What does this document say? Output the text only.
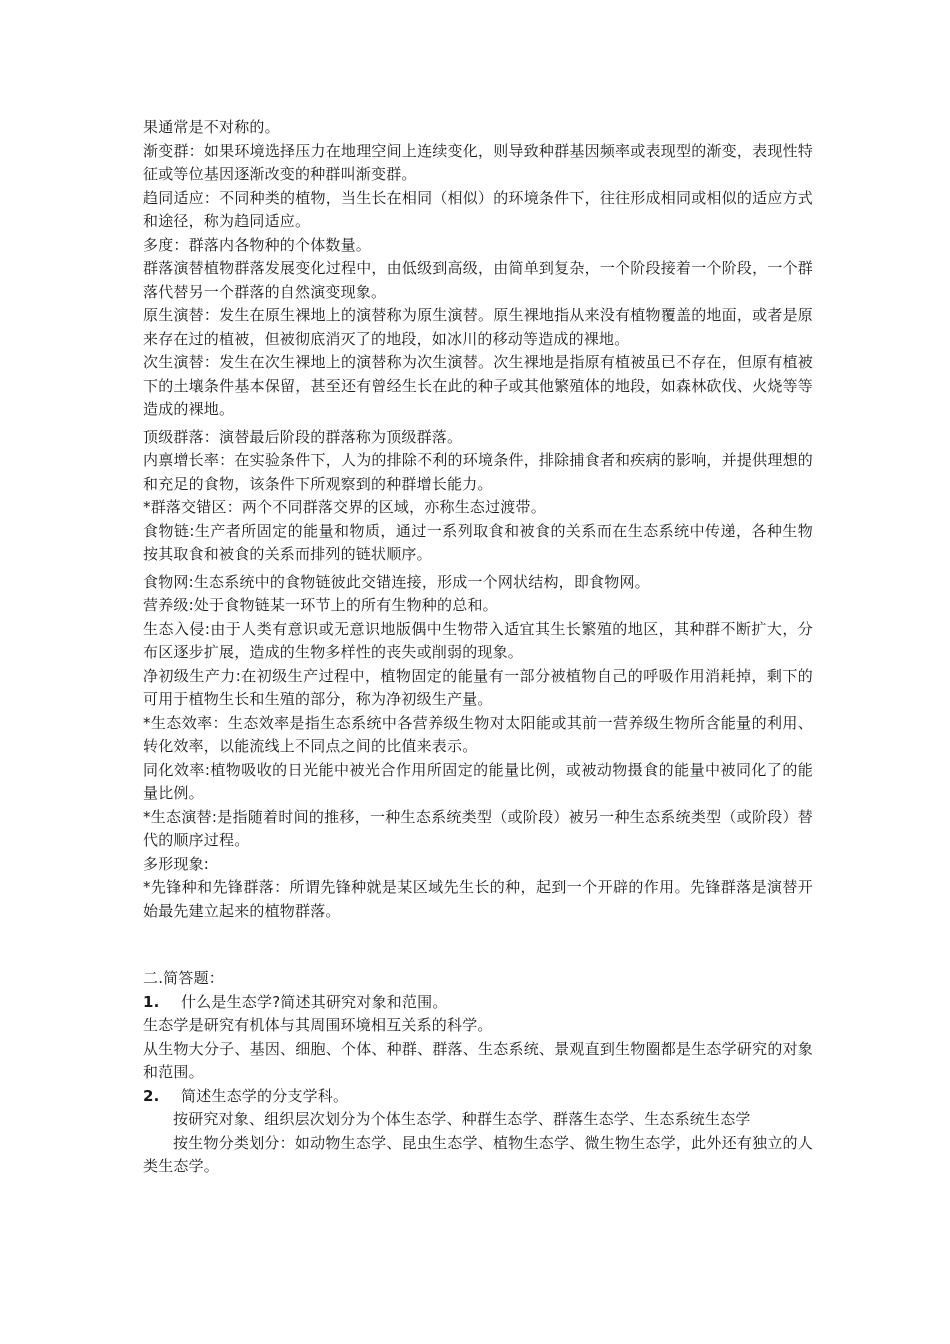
果通常是不对称的。

渐变群：如果环境选择压力在地理空间上连续变化，则导致种群基因频率或表现型的渐变，表现性特征或等位基因逐渐改变的种群叫渐变群。

趋同适应：不同种类的植物，当生长在相同（相似）的环境条件下，往往形成相同或相似的适应方式和途径，称为趋同适应。

多度：群落内各物种的个体数量。

群落演替植物群落发展变化过程中，由低级到高级，由简单到复杂，一个阶段接着一个阶段，一个群落代替另一个群落的自然演变现象。

原生演替：发生在原生裸地上的演替称为原生演替。原生裸地指从来没有植物覆盖的地面，或者是原来存在过的植被，但被彻底消灭了的地段，如冰川的移动等造成的裸地。

次生演替：发生在次生裸地上的演替称为次生演替。次生裸地是指原有植被虽已不存在，但原有植被下的土壤条件基本保留，甚至还有曾经生长在此的种子或其他繁殖体的地段，如森林砍伐、火烧等等造成的裸地。

顶级群落：演替最后阶段的群落称为顶级群落。

内禀增长率：在实验条件下，人为的排除不利的环境条件，排除捕食者和疾病的影响，并提供理想的和充足的食物，该条件下所观察到的种群增长能力。

*群落交错区：两个不同群落交界的区域，亦称生态过渡带。

食物链:生产者所固定的能量和物质，通过一系列取食和被食的关系而在生态系统中传递，各种生物按其取食和被食的关系而排列的链状顺序。

食物网:生态系统中的食物链彼此交错连接，形成一个网状结构，即食物网。

营养级:处于食物链某一环节上的所有生物种的总和。

生态入侵:由于人类有意识或无意识地版偶中生物带入适宜其生长繁殖的地区，其种群不断扩大，分布区逐步扩展，造成的生物多样性的丧失或削弱的现象。

净初级生产力:在初级生产过程中，植物固定的能量有一部分被植物自己的呼吸作用消耗掉，剩下的可用于植物生长和生殖的部分，称为净初级生产量。

*生态效率：生态效率是指生态系统中各营养级生物对太阳能或其前一营养级生物所含能量的利用、转化效率，以能流线上不同点之间的比值来表示。

同化效率:植物吸收的日光能中被光合作用所固定的能量比例，或被动物摄食的能量中被同化了的能量比例。

*生态演替:是指随着时间的推移，一种生态系统类型（或阶段）被另一种生态系统类型（或阶段）替代的顺序过程。

多形现象:

*先锋种和先锋群落：所谓先锋种就是某区域先生长的种，起到一个开辟的作用。先锋群落是演替开始最先建立起来的植物群落。

二.简答题：

1.	什么是生态学?简述其研究对象和范围。

生态学是研究有机体与其周围环境相互关系的科学。

从生物大分子、基因、细胞、个体、种群、群落、生态系统、景观直到生物圈都是生态学研究的对象和范围。

2.	简述生态学的分支学科。

按研究对象、组织层次划分为个体生态学、种群生态学、群落生态学、生态系统生态学

按生物分类划分：如动物生态学、昆虫生态学、植物生态学、微生物生态学，此外还有独立的人类生态学。
